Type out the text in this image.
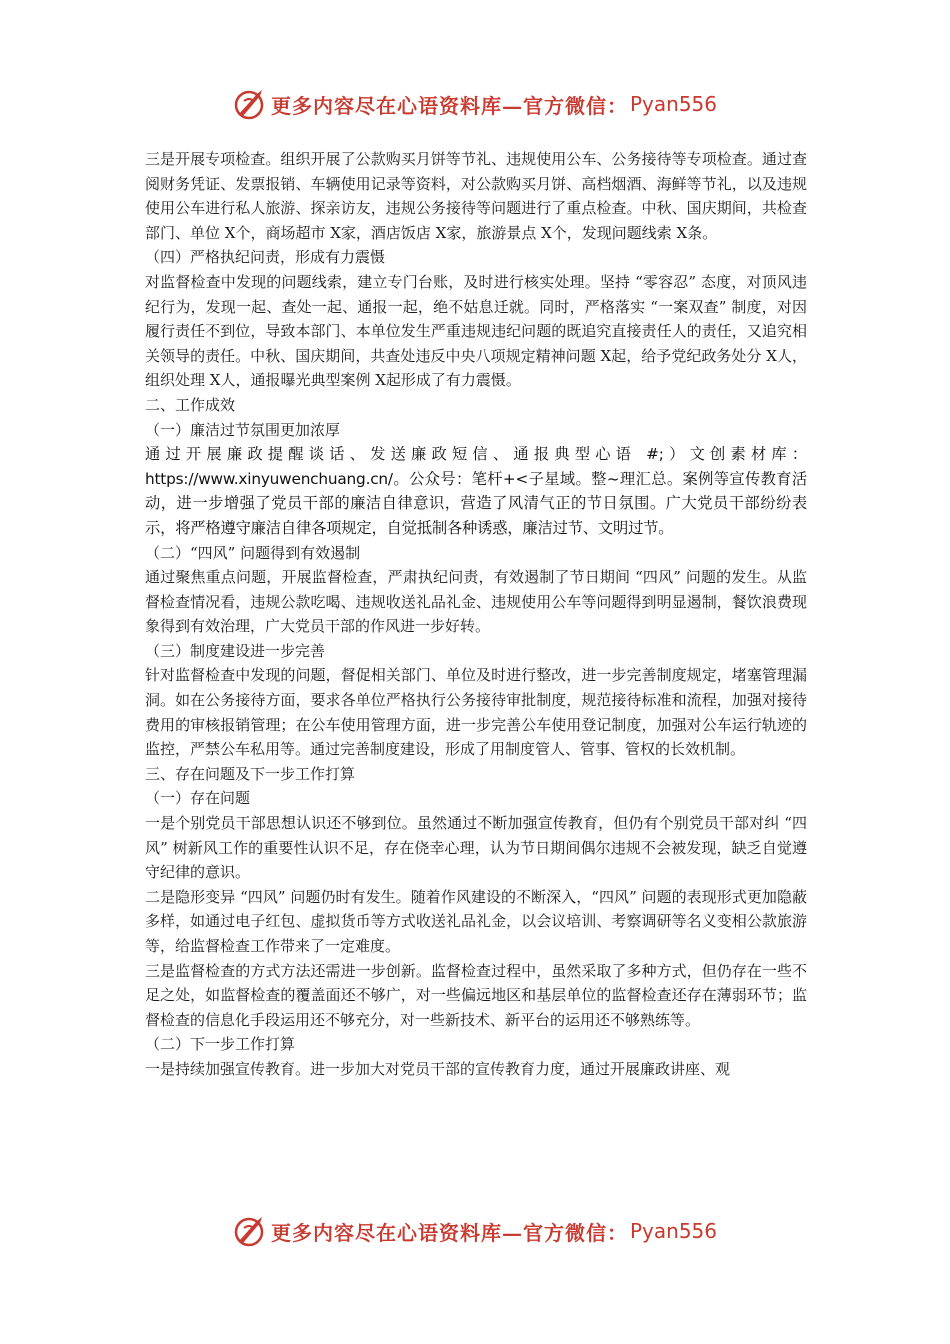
更多内容尽在心语资料库—官方微信： Pyan556

三是开展专项检查。组织开展了公款购买月饼等节礼、违规使用公车、公务接待等专项检查。通过查阅财务凭证、发票报销、车辆使用记录等资料，对公款购买月饼、高档烟酒、海鲜等节礼，以及违规使用公车进行私人旅游、探亲访友，违规公务接待等问题进行了重点检查。中秋、国庆期间，共检查部门、单位 X个，商场超市 X家，酒店饭店 X家，旅游景点 X个，发现问题线索 X条。

（四）严格执纪问责，形成有力震慑

对监督检查中发现的问题线索，建立专门台账，及时进行核实处理。坚持 “零容忍” 态度，对顶风违纪行为，发现一起、查处一起、通报一起，绝不姑息迁就。同时，严格落实 “一案双查” 制度，对因履行责任不到位，导致本部门、本单位发生严重违规违纪问题的既追究直接责任人的责任，又追究相关领导的责任。中秋、国庆期间，共查处违反中央八项规定精神问题 X起，给予党纪政务处分 X人，组织处理 X人，通报曝光典型案例 X起形成了有力震慑。

二、工作成效

（一）廉洁过节氛围更加浓厚

通过开展廉政提醒谈话、发送廉政短信、通报典型心语 #;）文创素材库：https://www.xinyuwenchuang.cn/。公众号：笔杆+<子星域。整~理汇总。案例等宣传教育活动，进一步增强了党员干部的廉洁自律意识，营造了风清气正的节日氛围。广大党员干部纷纷表示，将严格遵守廉洁自律各项规定，自觉抵制各种诱惑，廉洁过节、文明过节。

（二）“四风” 问题得到有效遏制

通过聚焦重点问题，开展监督检查，严肃执纪问责，有效遏制了节日期间 “四风” 问题的发生。从监督检查情况看，违规公款吃喝、违规收送礼品礼金、违规使用公车等问题得到明显遏制，餐饮浪费现象得到有效治理，广大党员干部的作风进一步好转。

（三）制度建设进一步完善

针对监督检查中发现的问题，督促相关部门、单位及时进行整改，进一步完善制度规定，堵塞管理漏洞。如在公务接待方面，要求各单位严格执行公务接待审批制度，规范接待标准和流程，加强对接待费用的审核报销管理；在公车使用管理方面，进一步完善公车使用登记制度，加强对公车运行轨迹的监控，严禁公车私用等。通过完善制度建设，形成了用制度管人、管事、管权的长效机制。

三、存在问题及下一步工作打算

（一）存在问题

一是个别党员干部思想认识还不够到位。虽然通过不断加强宣传教育，但仍有个别党员干部对纠 “四风” 树新风工作的重要性认识不足，存在侥幸心理，认为节日期间偶尔违规不会被发现，缺乏自觉遵守纪律的意识。

二是隐形变异 “四风” 问题仍时有发生。随着作风建设的不断深入，“四风” 问题的表现形式更加隐蔽多样，如通过电子红包、虚拟货币等方式收送礼品礼金，以会议培训、考察调研等名义变相公款旅游等，给监督检查工作带来了一定难度。

三是监督检查的方式方法还需进一步创新。监督检查过程中，虽然采取了多种方式，但仍存在一些不足之处，如监督检查的覆盖面还不够广，对一些偏远地区和基层单位的监督检查还存在薄弱环节；监督检查的信息化手段运用还不够充分，对一些新技术、新平台的运用还不够熟练等。

（二）下一步工作打算

一是持续加强宣传教育。进一步加大对党员干部的宣传教育力度，通过开展廉政讲座、观

更多内容尽在心语资料库—官方微信： Pyan556
